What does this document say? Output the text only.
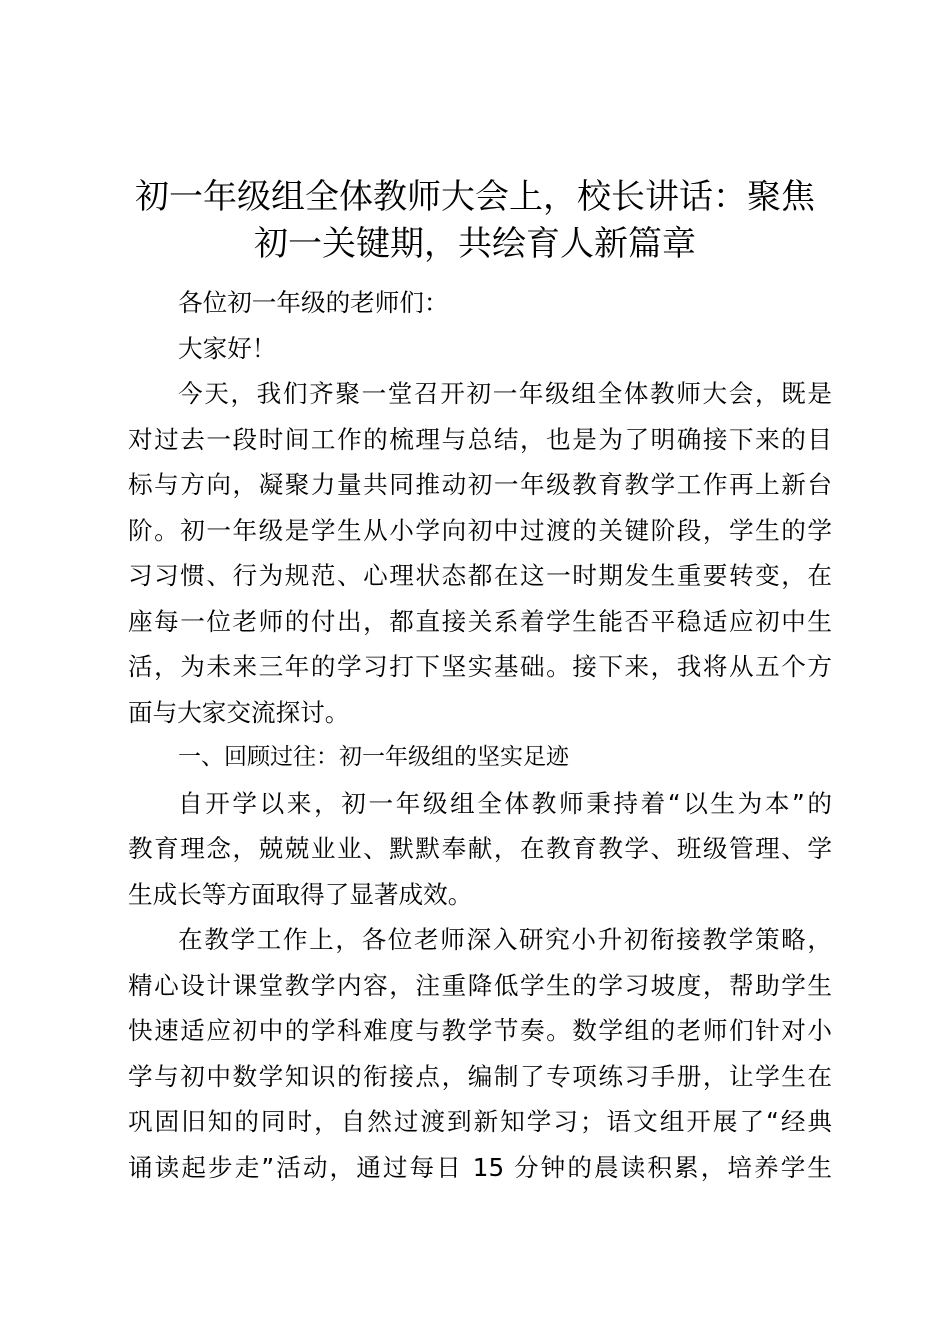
初一年级组全体教师大会上，校长讲话：聚焦
初一关键期，共绘育人新篇章
各位初一年级的老师们：
大家好！
今天，我们齐聚一堂召开初一年级组全体教师大会，既是
对过去一段时间工作的梳理与总结，也是为了明确接下来的目
标与方向，凝聚力量共同推动初一年级教育教学工作再上新台
阶。初一年级是学生从小学向初中过渡的关键阶段，学生的学
习习惯、行为规范、心理状态都在这一时期发生重要转变，在
座每一位老师的付出，都直接关系着学生能否平稳适应初中生
活，为未来三年的学习打下坚实基础。接下来，我将从五个方
面与大家交流探讨。
一、回顾过往：初一年级组的坚实足迹
自开学以来，初一年级组全体教师秉持着“以生为本”的
教育理念，兢兢业业、默默奉献，在教育教学、班级管理、学
生成长等方面取得了显著成效。
在教学工作上，各位老师深入研究小升初衔接教学策略，
精心设计课堂教学内容，注重降低学生的学习坡度，帮助学生
快速适应初中的学科难度与教学节奏。数学组的老师们针对小
学与初中数学知识的衔接点，编制了专项练习手册，让学生在
巩固旧知的同时，自然过渡到新知学习；语文组开展了“经典
诵读起步走”活动，通过每日 15 分钟的晨读积累，培养学生
